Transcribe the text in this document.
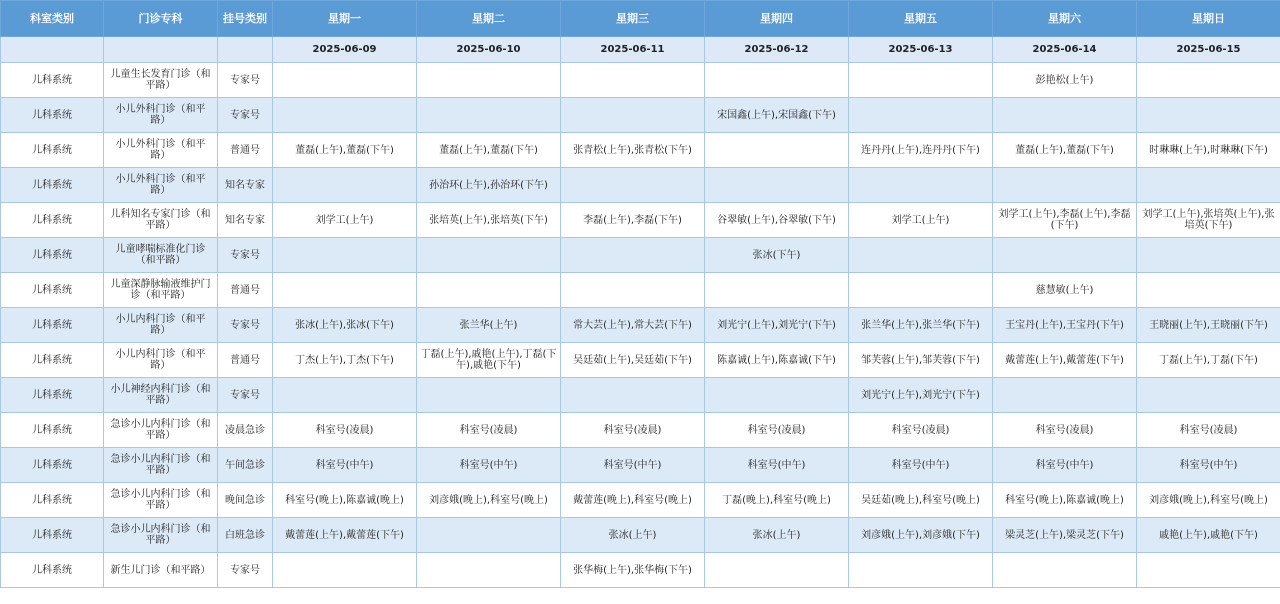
科室类别	门诊专科	挂号类别	星期一	星期二	星期三	星期四	星期五	星期六	星期日
			2025-06-09	2025-06-10	2025-06-11	2025-06-12	2025-06-13	2025-06-14	2025-06-15
儿科系统	儿童生长发育门诊（和平路）	专家号						彭艳松(上午)	
儿科系统	小儿外科门诊（和平路）	专家号				宋国鑫(上午),宋国鑫(下午)			
儿科系统	小儿外科门诊（和平路）	普通号	董磊(上午),董磊(下午)	董磊(上午),董磊(下午)	张青松(上午),张青松(下午)		连丹丹(上午),连丹丹(下午)	董磊(上午),董磊(下午)	时琳琳(上午),时琳琳(下午)
儿科系统	小儿外科门诊（和平路）	知名专家		孙治环(上午),孙治环(下午)					
儿科系统	儿科知名专家门诊（和平路）	知名专家	刘学工(上午)	张培英(上午),张培英(下午)	李磊(上午),李磊(下午)	谷翠敏(上午),谷翠敏(下午)	刘学工(上午)	刘学工(上午),李磊(上午),李磊(下午)	刘学工(上午),张培英(上午),张培英(下午)
儿科系统	儿童哮喘标准化门诊（和平路）	专家号				张冰(下午)			
儿科系统	儿童深静脉输液维护门诊（和平路）	普通号						慈慧敏(上午)	
儿科系统	小儿内科门诊（和平路）	专家号	张冰(上午),张冰(下午)	张兰华(上午)	常大芸(上午),常大芸(下午)	刘光宁(上午),刘光宁(下午)	张兰华(上午),张兰华(下午)	王宝丹(上午),王宝丹(下午)	王晓丽(上午),王晓丽(下午)
儿科系统	小儿内科门诊（和平路）	普通号	丁杰(上午),丁杰(下午)	丁磊(上午),戚艳(上午),丁磊(下午),戚艳(下午)	吴廷茹(上午),吴廷茹(下午)	陈嘉诚(上午),陈嘉诚(下午)	邹芙蓉(上午),邹芙蓉(下午)	戴蕾莲(上午),戴蕾莲(下午)	丁磊(上午),丁磊(下午)
儿科系统	小儿神经内科门诊（和平路）	专家号					刘光宁(上午),刘光宁(下午)		
儿科系统	急诊小儿内科门诊（和平路）	凌晨急诊	科室号(凌晨)	科室号(凌晨)	科室号(凌晨)	科室号(凌晨)	科室号(凌晨)	科室号(凌晨)	科室号(凌晨)
儿科系统	急诊小儿内科门诊（和平路）	午间急诊	科室号(中午)	科室号(中午)	科室号(中午)	科室号(中午)	科室号(中午)	科室号(中午)	科室号(中午)
儿科系统	急诊小儿内科门诊（和平路）	晚间急诊	科室号(晚上),陈嘉诚(晚上)	刘彦娥(晚上),科室号(晚上)	戴蕾莲(晚上),科室号(晚上)	丁磊(晚上),科室号(晚上)	吴廷茹(晚上),科室号(晚上)	科室号(晚上),陈嘉诚(晚上)	刘彦娥(晚上),科室号(晚上)
儿科系统	急诊小儿内科门诊（和平路）	白班急诊	戴蕾莲(上午),戴蕾莲(下午)		张冰(上午)	张冰(上午)	刘彦娥(上午),刘彦娥(下午)	梁灵芝(上午),梁灵芝(下午)	戚艳(上午),戚艳(下午)
儿科系统	新生儿门诊（和平路）	专家号			张华梅(上午),张华梅(下午)				
